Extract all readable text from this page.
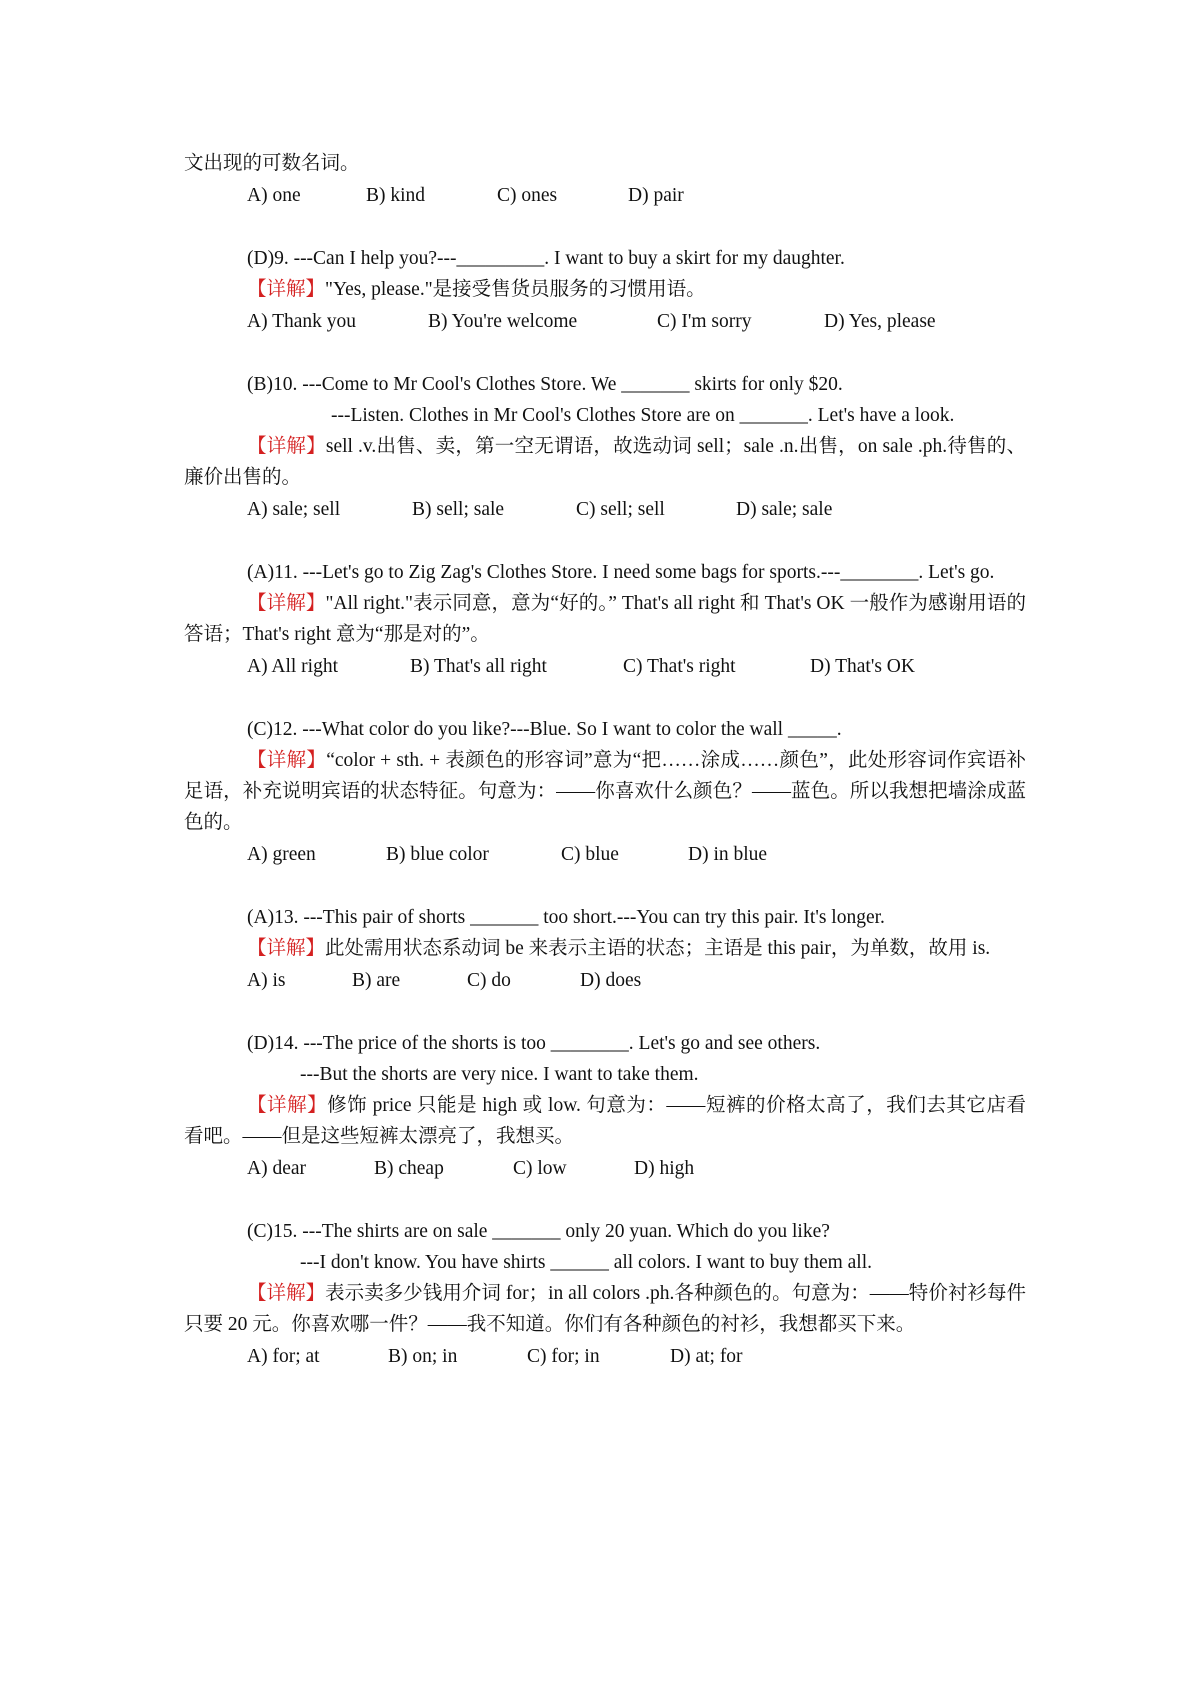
文出现的可数名词。
A) one	B) kind	C) ones	D) pair
(D)9. ---Can I help you?---_________. I want to buy a skirt for my daughter.
【详解】"Yes, please."是接受售货员服务的习惯用语。
A) Thank you	B) You're welcome	C) I'm sorry	D) Yes, please
(B)10. ---Come to Mr Cool's Clothes Store. We _______ skirts for only $20.
---Listen. Clothes in Mr Cool's Clothes Store are on _______. Let's have a look.
【详解】sell .v.出售、卖，第一空无谓语，故选动词 sell；sale .n.出售，on sale .ph.待售的、廉价出售的。
A) sale; sell	B) sell; sale	C) sell; sell	D) sale; sale
(A)11. ---Let's go to Zig Zag's Clothes Store. I need some bags for sports.---________. Let's go.
【详解】"All right."表示同意，意为“好的。” That's all right 和 That's OK 一般作为感谢用语的答语；That's right 意为“那是对的”。
A) All right	B) That's all right	C) That's right	D) That's OK
(C)12. ---What color do you like?---Blue. So I want to color the wall _____.
【详解】“color + sth. + 表颜色的形容词”意为“把……涂成……颜色”，此处形容词作宾语补足语，补充说明宾语的状态特征。句意为：——你喜欢什么颜色？——蓝色。所以我想把墙涂成蓝色的。
A) green	B) blue color	C) blue	D) in blue
(A)13. ---This pair of shorts _______ too short.---You can try this pair. It's longer.
【详解】此处需用状态系动词 be 来表示主语的状态；主语是 this pair，为单数，故用 is.
A) is	B) are	C) do	D) does
(D)14. ---The price of the shorts is too ________. Let's go and see others.
---But the shorts are very nice. I want to take them.
【详解】修饰 price 只能是 high 或 low. 句意为：——短裤的价格太高了，我们去其它店看看吧。——但是这些短裤太漂亮了，我想买。
A) dear	B) cheap	C) low	D) high
(C)15. ---The shirts are on sale _______ only 20 yuan. Which do you like?
---I don't know. You have shirts ______ all colors. I want to buy them all.
【详解】表示卖多少钱用介词 for；in all colors .ph.各种颜色的。句意为：——特价衬衫每件只要 20 元。你喜欢哪一件？——我不知道。你们有各种颜色的衬衫，我想都买下来。
A) for; at	B) on; in	C) for; in	D) at; for
